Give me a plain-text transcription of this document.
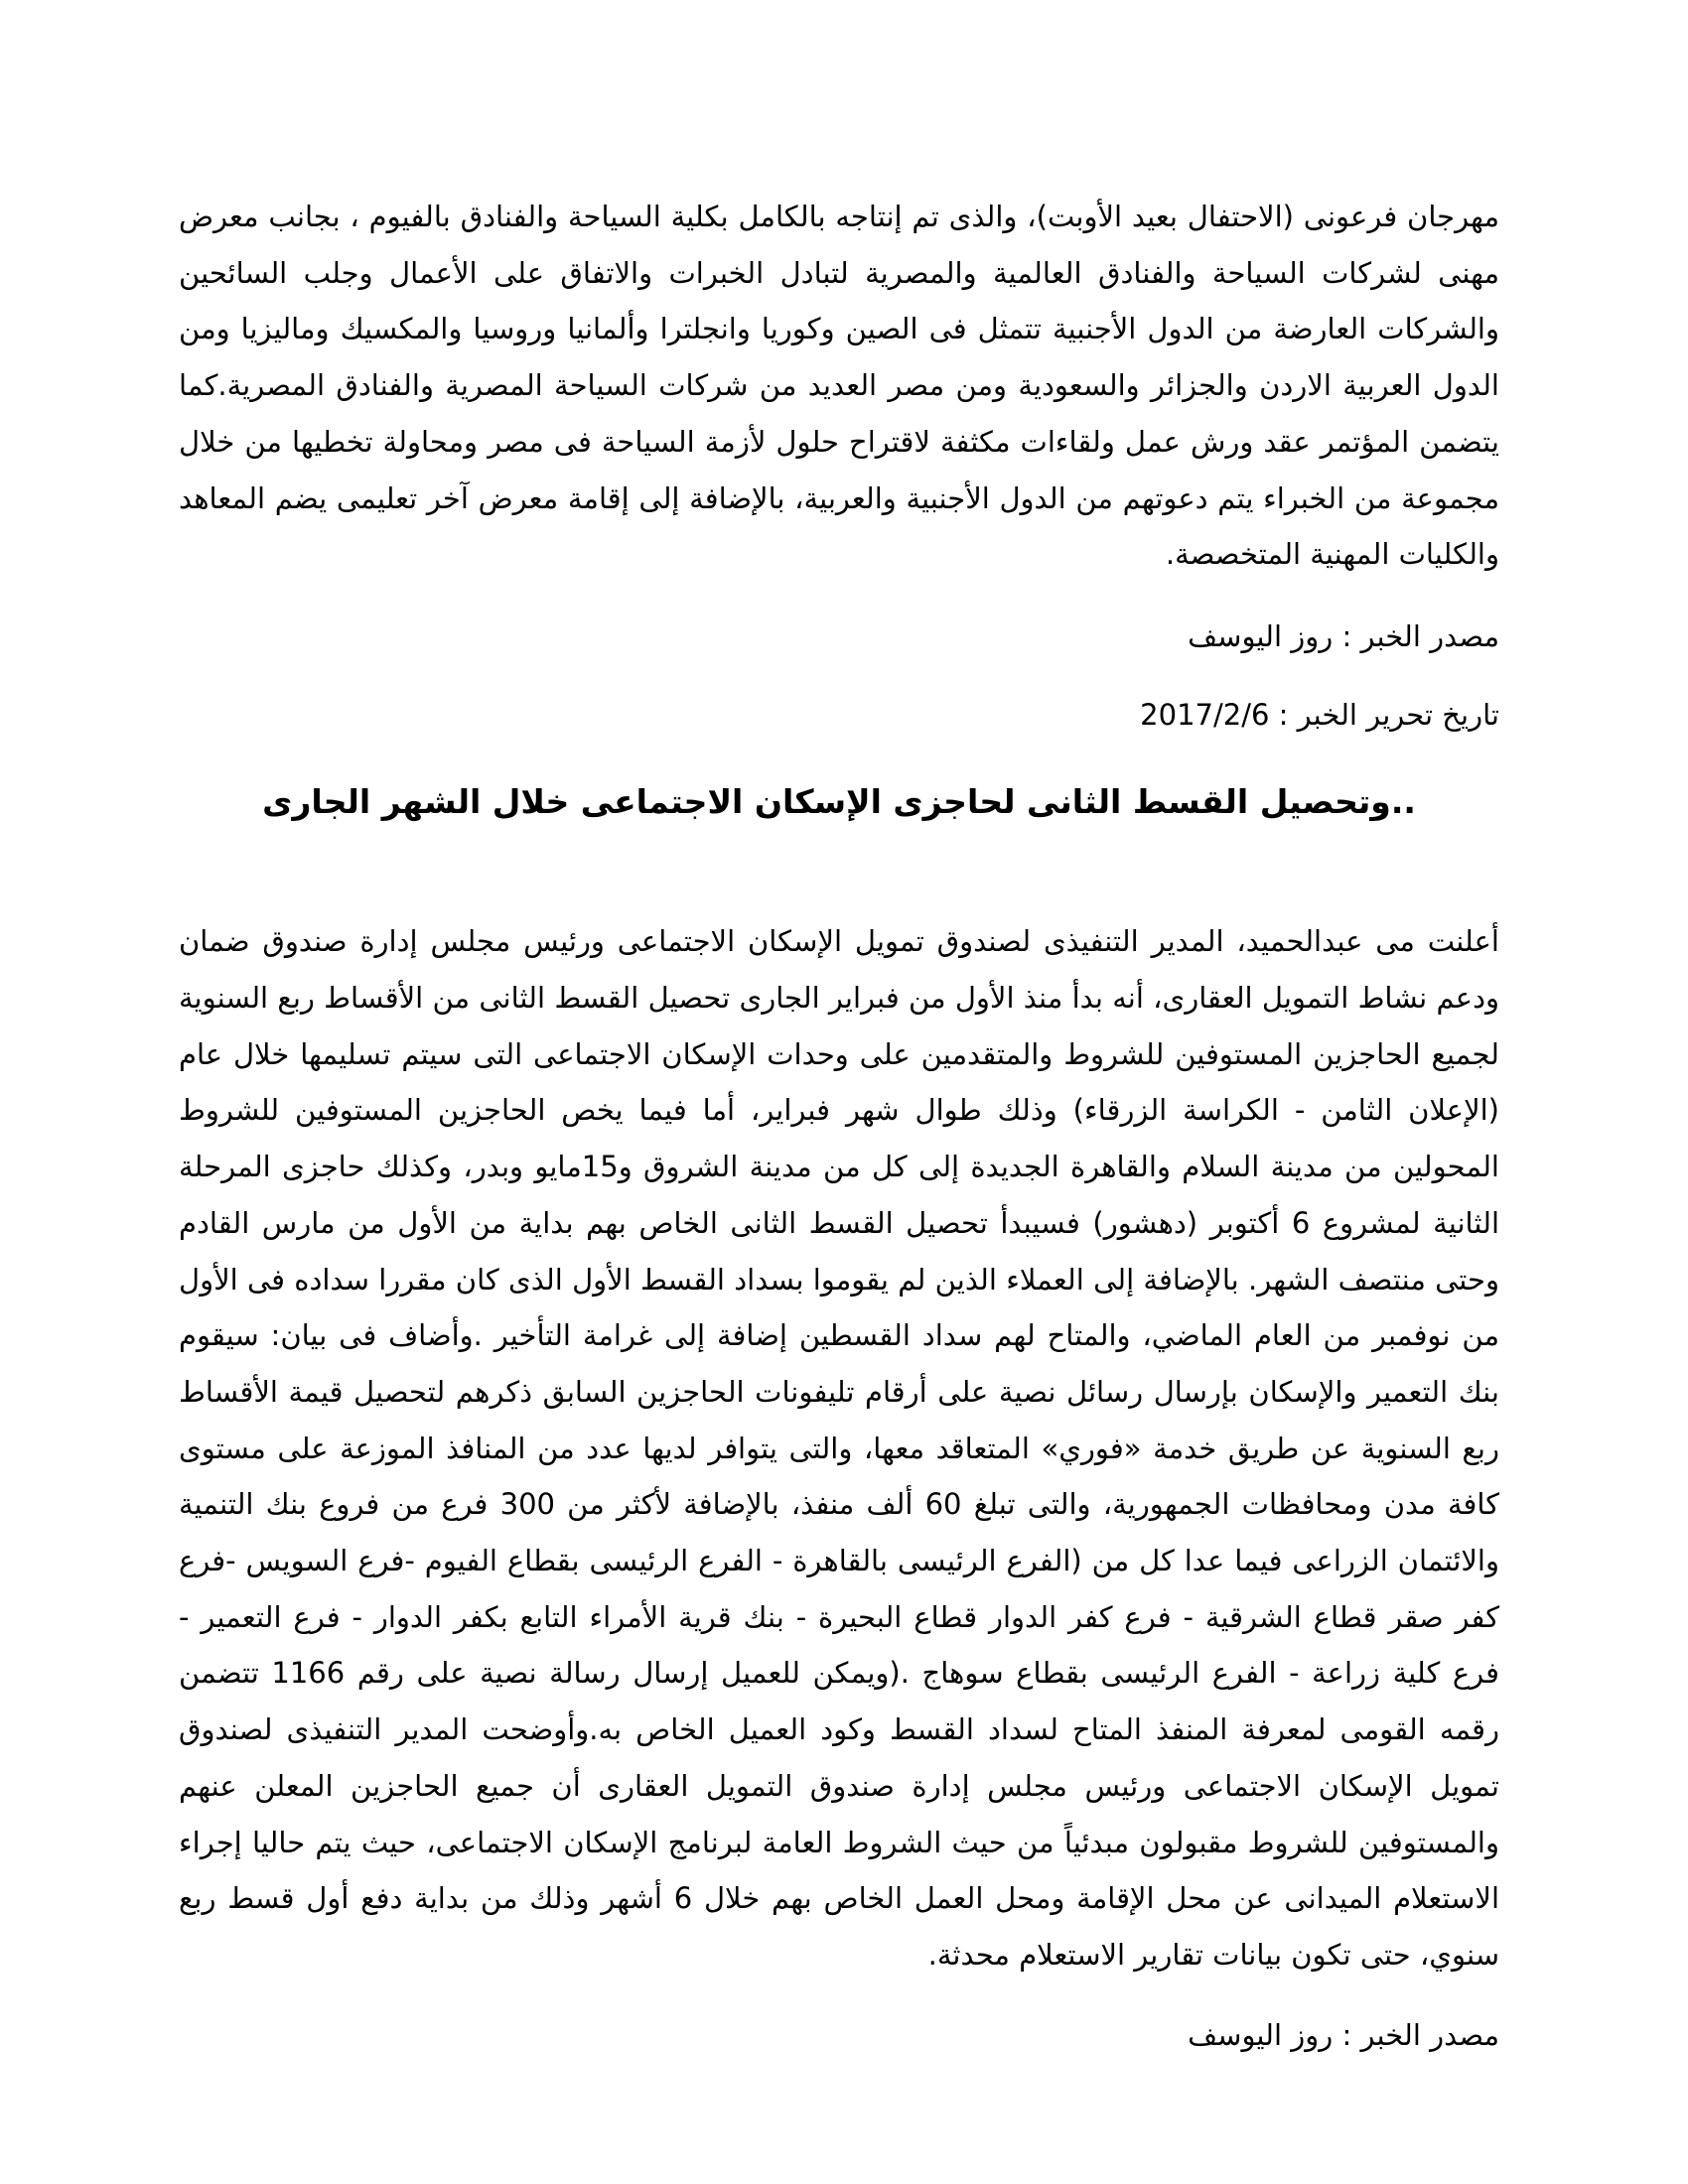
مهرجان فرعونى (الاحتفال بعيد الأوبت)، والذى تم إنتاجه بالكامل بكلية السياحة والفنادق بالفيوم ، بجانب معرض مهنى لشركات السياحة والفنادق العالمية والمصرية لتبادل الخبرات والاتفاق على الأعمال وجلب السائحين والشركات العارضة من الدول الأجنبية تتمثل فى الصين وكوريا وانجلترا وألمانيا وروسيا والمكسيك وماليزيا ومن الدول العربية الاردن والجزائر والسعودية ومن مصر العديد من شركات السياحة المصرية والفنادق المصرية.كما يتضمن المؤتمر عقد ورش عمل ولقاءات مكثفة لاقتراح حلول لأزمة السياحة فى مصر ومحاولة تخطيها من خلال مجموعة من الخبراء يتم دعوتهم من الدول الأجنبية والعربية، بالإضافة إلى إقامة معرض آخر تعليمى يضم المعاهد والكليات المهنية المتخصصة.

مصدر الخبر : روز اليوسف

تاريخ تحرير الخبر : 2017/2/6

..وتحصيل القسط الثانى لحاجزى الإسكان الاجتماعى خلال الشهر الجارى

أعلنت مى عبدالحميد، المدير التنفيذى لصندوق تمويل الإسكان الاجتماعى ورئيس مجلس إدارة صندوق ضمان ودعم نشاط التمويل العقارى، أنه بدأ منذ الأول من فبراير الجارى تحصيل القسط الثانى من الأقساط ربع السنوية لجميع الحاجزين المستوفين للشروط والمتقدمين على وحدات الإسكان الاجتماعى التى سيتم تسليمها خلال عام (الإعلان الثامن - الكراسة الزرقاء) وذلك طوال شهر فبراير، أما فيما يخص الحاجزين المستوفين للشروط المحولين من مدينة السلام والقاهرة الجديدة إلى كل من مدينة الشروق و15مايو وبدر، وكذلك حاجزى المرحلة الثانية لمشروع 6 أكتوبر (دهشور) فسيبدأ تحصيل القسط الثانى الخاص بهم بداية من الأول من مارس القادم وحتى منتصف الشهر. بالإضافة إلى العملاء الذين لم يقوموا بسداد القسط الأول الذى كان مقررا سداده فى الأول من نوفمبر من العام الماضي، والمتاح لهم سداد القسطين إضافة إلى غرامة التأخير .وأضاف فى بيان: سيقوم بنك التعمير والإسكان بإرسال رسائل نصية على أرقام تليفونات الحاجزين السابق ذكرهم لتحصيل قيمة الأقساط ربع السنوية عن طريق خدمة «فوري» المتعاقد معها، والتى يتوافر لديها عدد من المنافذ الموزعة على مستوى كافة مدن ومحافظات الجمهورية، والتى تبلغ 60 ألف منفذ، بالإضافة لأكثر من 300 فرع من فروع بنك التنمية والائتمان الزراعى فيما عدا كل من (الفرع الرئيسى بالقاهرة - الفرع الرئيسى بقطاع الفيوم -فرع السويس -فرع كفر صقر قطاع الشرقية - فرع كفر الدوار قطاع البحيرة - بنك قرية الأمراء التابع بكفر الدوار - فرع التعمير - فرع كلية زراعة - الفرع الرئيسى بقطاع سوهاج .(ويمكن للعميل إرسال رسالة نصية على رقم 1166 تتضمن رقمه القومى لمعرفة المنفذ المتاح لسداد القسط وكود العميل الخاص به.وأوضحت المدير التنفيذى لصندوق تمويل الإسكان الاجتماعى ورئيس مجلس إدارة صندوق التمويل العقارى أن جميع الحاجزين المعلن عنهم والمستوفين للشروط مقبولون مبدئياً من حيث الشروط العامة لبرنامج الإسكان الاجتماعى، حيث يتم حاليا إجراء الاستعلام الميدانى عن محل الإقامة ومحل العمل الخاص بهم خلال 6 أشهر وذلك من بداية دفع أول قسط ربع سنوي، حتى تكون بيانات تقارير الاستعلام محدثة.

مصدر الخبر : روز اليوسف
